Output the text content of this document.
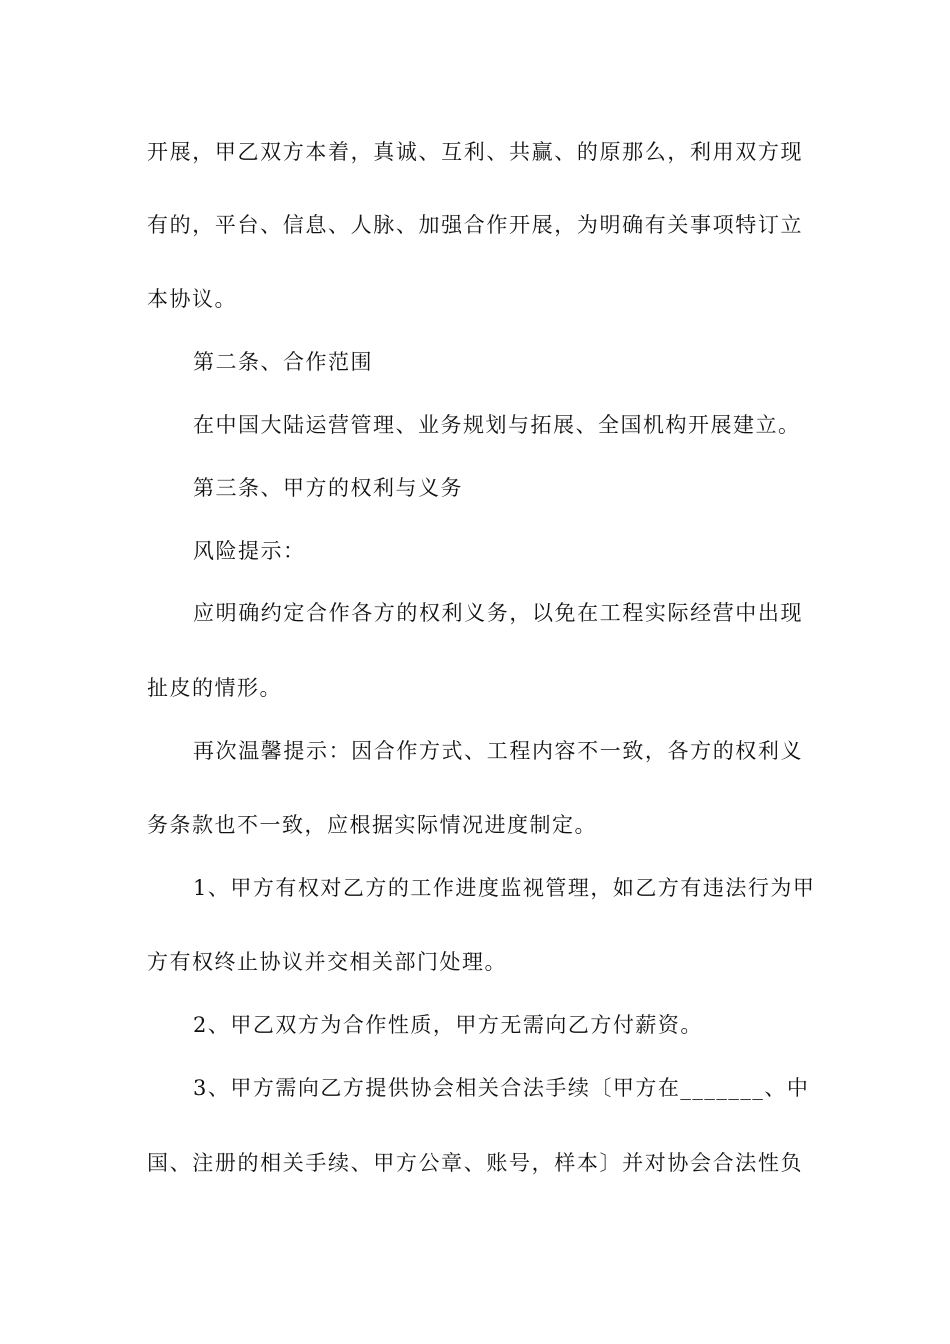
开展，甲乙双方本着，真诚、互利、共赢、的原那么，利用双方现
有的，平台、信息、人脉、加强合作开展，为明确有关事项特订立
本协议。
第二条、合作范围
在中国大陆运营管理、业务规划与拓展、全国机构开展建立。
第三条、甲方的权利与义务
风险提示：
应明确约定合作各方的权利义务，以免在工程实际经营中出现
扯皮的情形。
再次温馨提示：因合作方式、工程内容不一致，各方的权利义
务条款也不一致，应根据实际情况进度制定。
1、甲方有权对乙方的工作进度监视管理，如乙方有违法行为甲
方有权终止协议并交相关部门处理。
2、甲乙双方为合作性质，甲方无需向乙方付薪资。
3、甲方需向乙方提供协会相关合法手续〔甲方在_______、中
国、注册的相关手续、甲方公章、账号，样本〕并对协会合法性负
